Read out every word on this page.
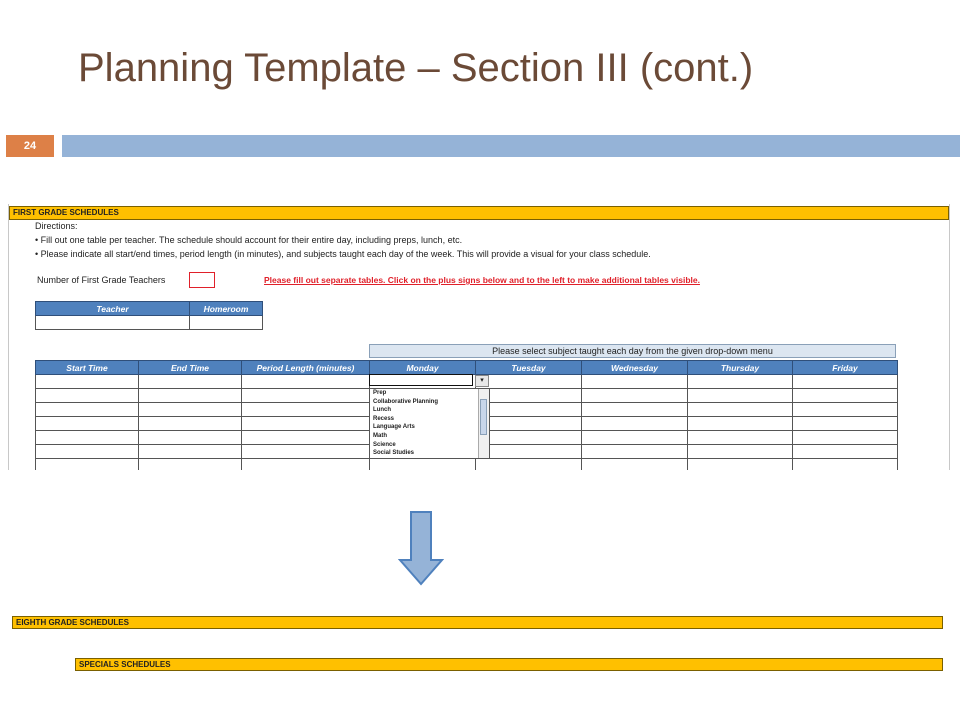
Planning Template – Section III (cont.)
24
FIRST GRADE SCHEDULES
Directions:
• Fill out one table per teacher. The schedule should account for their entire day, including preps, lunch, etc.
• Please indicate all start/end times, period length (in minutes), and subjects taught each day of the week. This will provide a visual for your class schedule.
Number of First Grade Teachers	Please fill out separate tables. Click on the plus signs below and to the left to make additional tables visible.
Teacher	Homeroom

Please select subject taught each day from the given drop-down menu
Start Time	End Time	Period Length (minutes)	Monday	Tuesday	Wednesday	Thursday	Friday

▾
Prep
Collaborative Planning
Lunch
Recess
Language Arts
Math
Science
Social Studies
EIGHTH GRADE SCHEDULES
SPECIALS SCHEDULES
